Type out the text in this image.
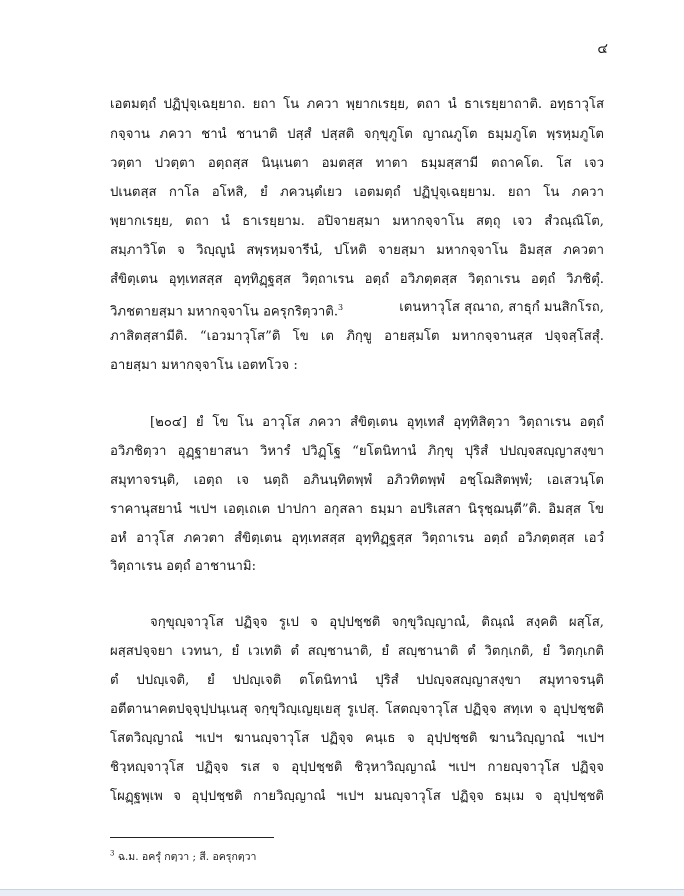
๔
เอตมตฺถํ ปฏิปุจฺเฉยฺยาถ. ยถา โน ภควา พฺยากเรยฺย, ตถา นํ ธาเรยฺยาถาติ. อทฺธาวุโส
กจฺจาน ภควา ชานํ ชานาติ ปสฺสํ ปสฺสติ จกฺขุภูโต ญาณภูโต ธมฺมภูโต พฺรหฺมภูโต
วตฺตา ปวตฺตา อตฺถสฺส นินฺเนตา อมตสฺส ทาตา ธมฺมสฺสามี ตถาคโต. โส เจว
ปเนตสฺส กาโล อโหสิ, ยํ ภควนฺตํเยว เอตมตฺถํ ปฏิปุจฺเฉยฺยาม. ยถา โน ภควา
พฺยากเรยฺย, ตถา นํ ธาเรยฺยาม. อปิจายสฺมา มหากจฺจาโน สตฺถุ เจว สํวณฺณิโต,
สมฺภาวิโต จ วิญฺญูนํ สพฺรหฺมจารีนํ, ปโหติ จายสฺมา มหากจฺจาโน อิมสฺส ภควตา
สํขิตฺเตน อุทฺเทสสฺส อุทฺทิฏฺฐสฺส วิตฺถาเรน อตฺถํ อวิภตฺตสฺส วิตฺถาเรน อตฺถํ วิภชิตุํ.
วิภชตายสฺมา มหากจฺจาโน อครุกริตฺวาติ.$^3$	เตนหาวุโส สุณาถ, สาธุกํ มนสิกโรถ,
ภาสิตสฺสามีติ. “เอวมาวุโส”ติ โข เต ภิกฺขู อายสฺมโต มหากจฺจานสฺส ปจฺจสฺโสสุํ.
อายสฺมา มหากจฺจาโน เอตทโวจ :
[๒๐๔] ยํ โข โน อาวุโส ภควา สํขิตฺเตน อุทฺเทสํ อุทฺทิสิตฺวา วิตฺถาเรน อตฺถํ
อวิภชิตฺวา อุฏฺฐายาสนา วิหารํ ปวิฏฺโฐ “ยโตนิทานํ ภิกฺขุ ปุริสํ ปปญฺจสญฺญาสงฺขา
สมุทาจรนฺติ, เอตฺถ เจ นตฺถิ อภินนฺทิตพฺพํ อภิวทิตพฺพํ อชฺโฌสิตพฺพํ; เอเสวนฺโต
ราคานุสยานํ ฯเปฯ เอตฺเถเต ปาปกา อกุสลา ธมฺมา อปริเสสา นิรุชฺฌนฺตี”ติ. อิมสฺส โข
อหํ อาวุโส ภควตา สํขิตฺเตน อุทฺเทสสฺส อุทฺทิฏฺฐสฺส วิตฺถาเรน อตฺถํ อวิภตฺตสฺส เอวํ
วิตฺถาเรน อตฺถํ อาชานามิ:
จกฺขุญฺจาวุโส ปฏิจฺจ รูเป จ อุปฺปชฺชติ จกฺขุวิญฺญาณํ, ติณฺณํ สงฺคติ ผสฺโส,
ผสฺสปจฺจยา เวทนา, ยํ เวเทติ ตํ สญฺชานาติ, ยํ สญฺชานาติ ตํ วิตกฺเกติ, ยํ วิตกฺเกติ
ตํ ปปญฺเจติ, ยํ ปปญฺเจติ ตโตนิทานํ ปุริสํ ปปญฺจสญฺญาสงฺขา สมุทาจรนฺติ
อตีตานาคตปจฺจุปฺปนฺเนสุ จกฺขุวิญฺเญยฺเยสุ รูเปสุ. โสตญฺจาวุโส ปฏิจฺจ สทฺเท จ อุปฺปชฺชติ
โสตวิญฺญาณํ ฯเปฯ ฆานญฺจาวุโส ปฏิจฺจ คนฺเธ จ อุปฺปชฺชติ ฆานวิญฺญาณํ ฯเปฯ
ชิวฺหญฺจาวุโส ปฏิจฺจ รเส จ อุปฺปชฺชติ ชิวฺหาวิญฺญาณํ ฯเปฯ กายญฺจาวุโส ปฏิจฺจ
โผฏฺฐพฺเพ จ อุปฺปชฺชติ กายวิญฺญาณํ ฯเปฯ มนญฺจาวุโส ปฏิจฺจ ธมฺเม จ อุปฺปชฺชติ
$^3$ ฉ.ม. อครุํ กตฺวา ; สี. อครุกตฺวา
